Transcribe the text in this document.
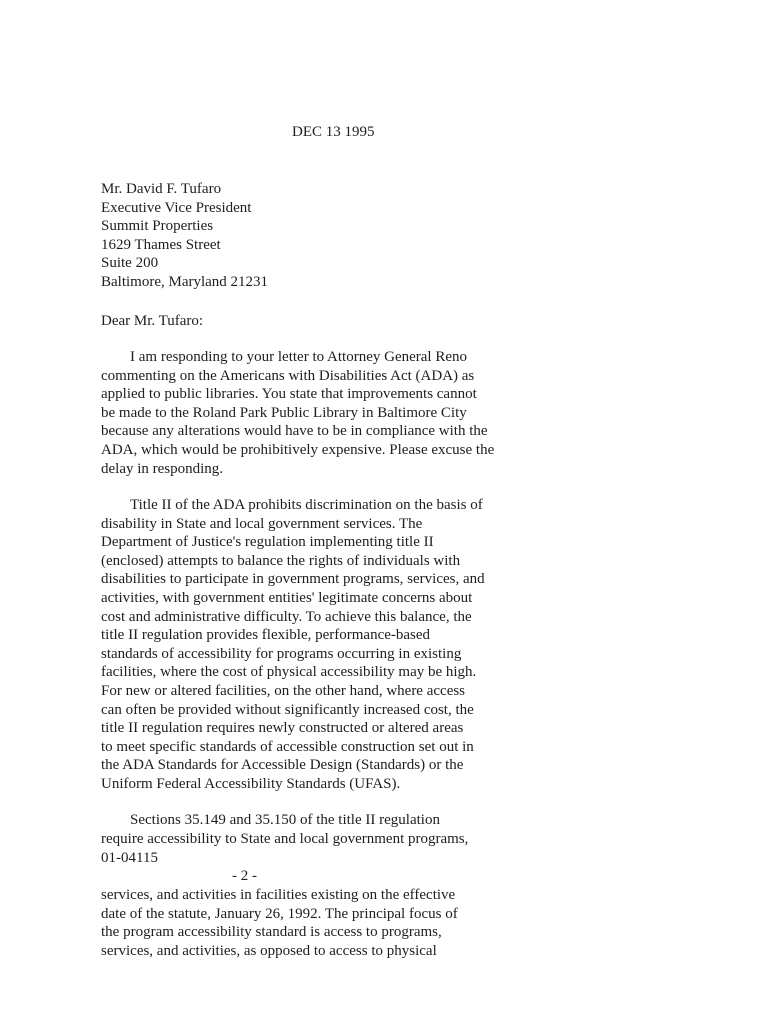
DEC 13 1995
Mr. David F. Tufaro
Executive Vice President
Summit Properties
1629 Thames Street
Suite 200
Baltimore, Maryland 21231
Dear Mr. Tufaro:
I am responding to your letter to Attorney General Reno
commenting on the Americans with Disabilities Act (ADA) as
applied to public libraries. You state that improvements cannot
be made to the Roland Park Public Library in Baltimore City
because any alterations would have to be in compliance with the
ADA, which would be prohibitively expensive. Please excuse the
delay in responding.
Title II of the ADA prohibits discrimination on the basis of
disability in State and local government services. The
Department of Justice's regulation implementing title II
(enclosed) attempts to balance the rights of individuals with
disabilities to participate in government programs, services, and
activities, with government entities' legitimate concerns about
cost and administrative difficulty. To achieve this balance, the
title II regulation provides flexible, performance-based
standards of accessibility for programs occurring in existing
facilities, where the cost of physical accessibility may be high.
For new or altered facilities, on the other hand, where access
can often be provided without significantly increased cost, the
title II regulation requires newly constructed or altered areas
to meet specific standards of accessible construction set out in
the ADA Standards for Accessible Design (Standards) or the
Uniform Federal Accessibility Standards (UFAS).
Sections 35.149 and 35.150 of the title II regulation
require accessibility to State and local government programs,
01-04115
- 2 -
services, and activities in facilities existing on the effective
date of the statute, January 26, 1992. The principal focus of
the program accessibility standard is access to programs,
services, and activities, as opposed to access to physical
